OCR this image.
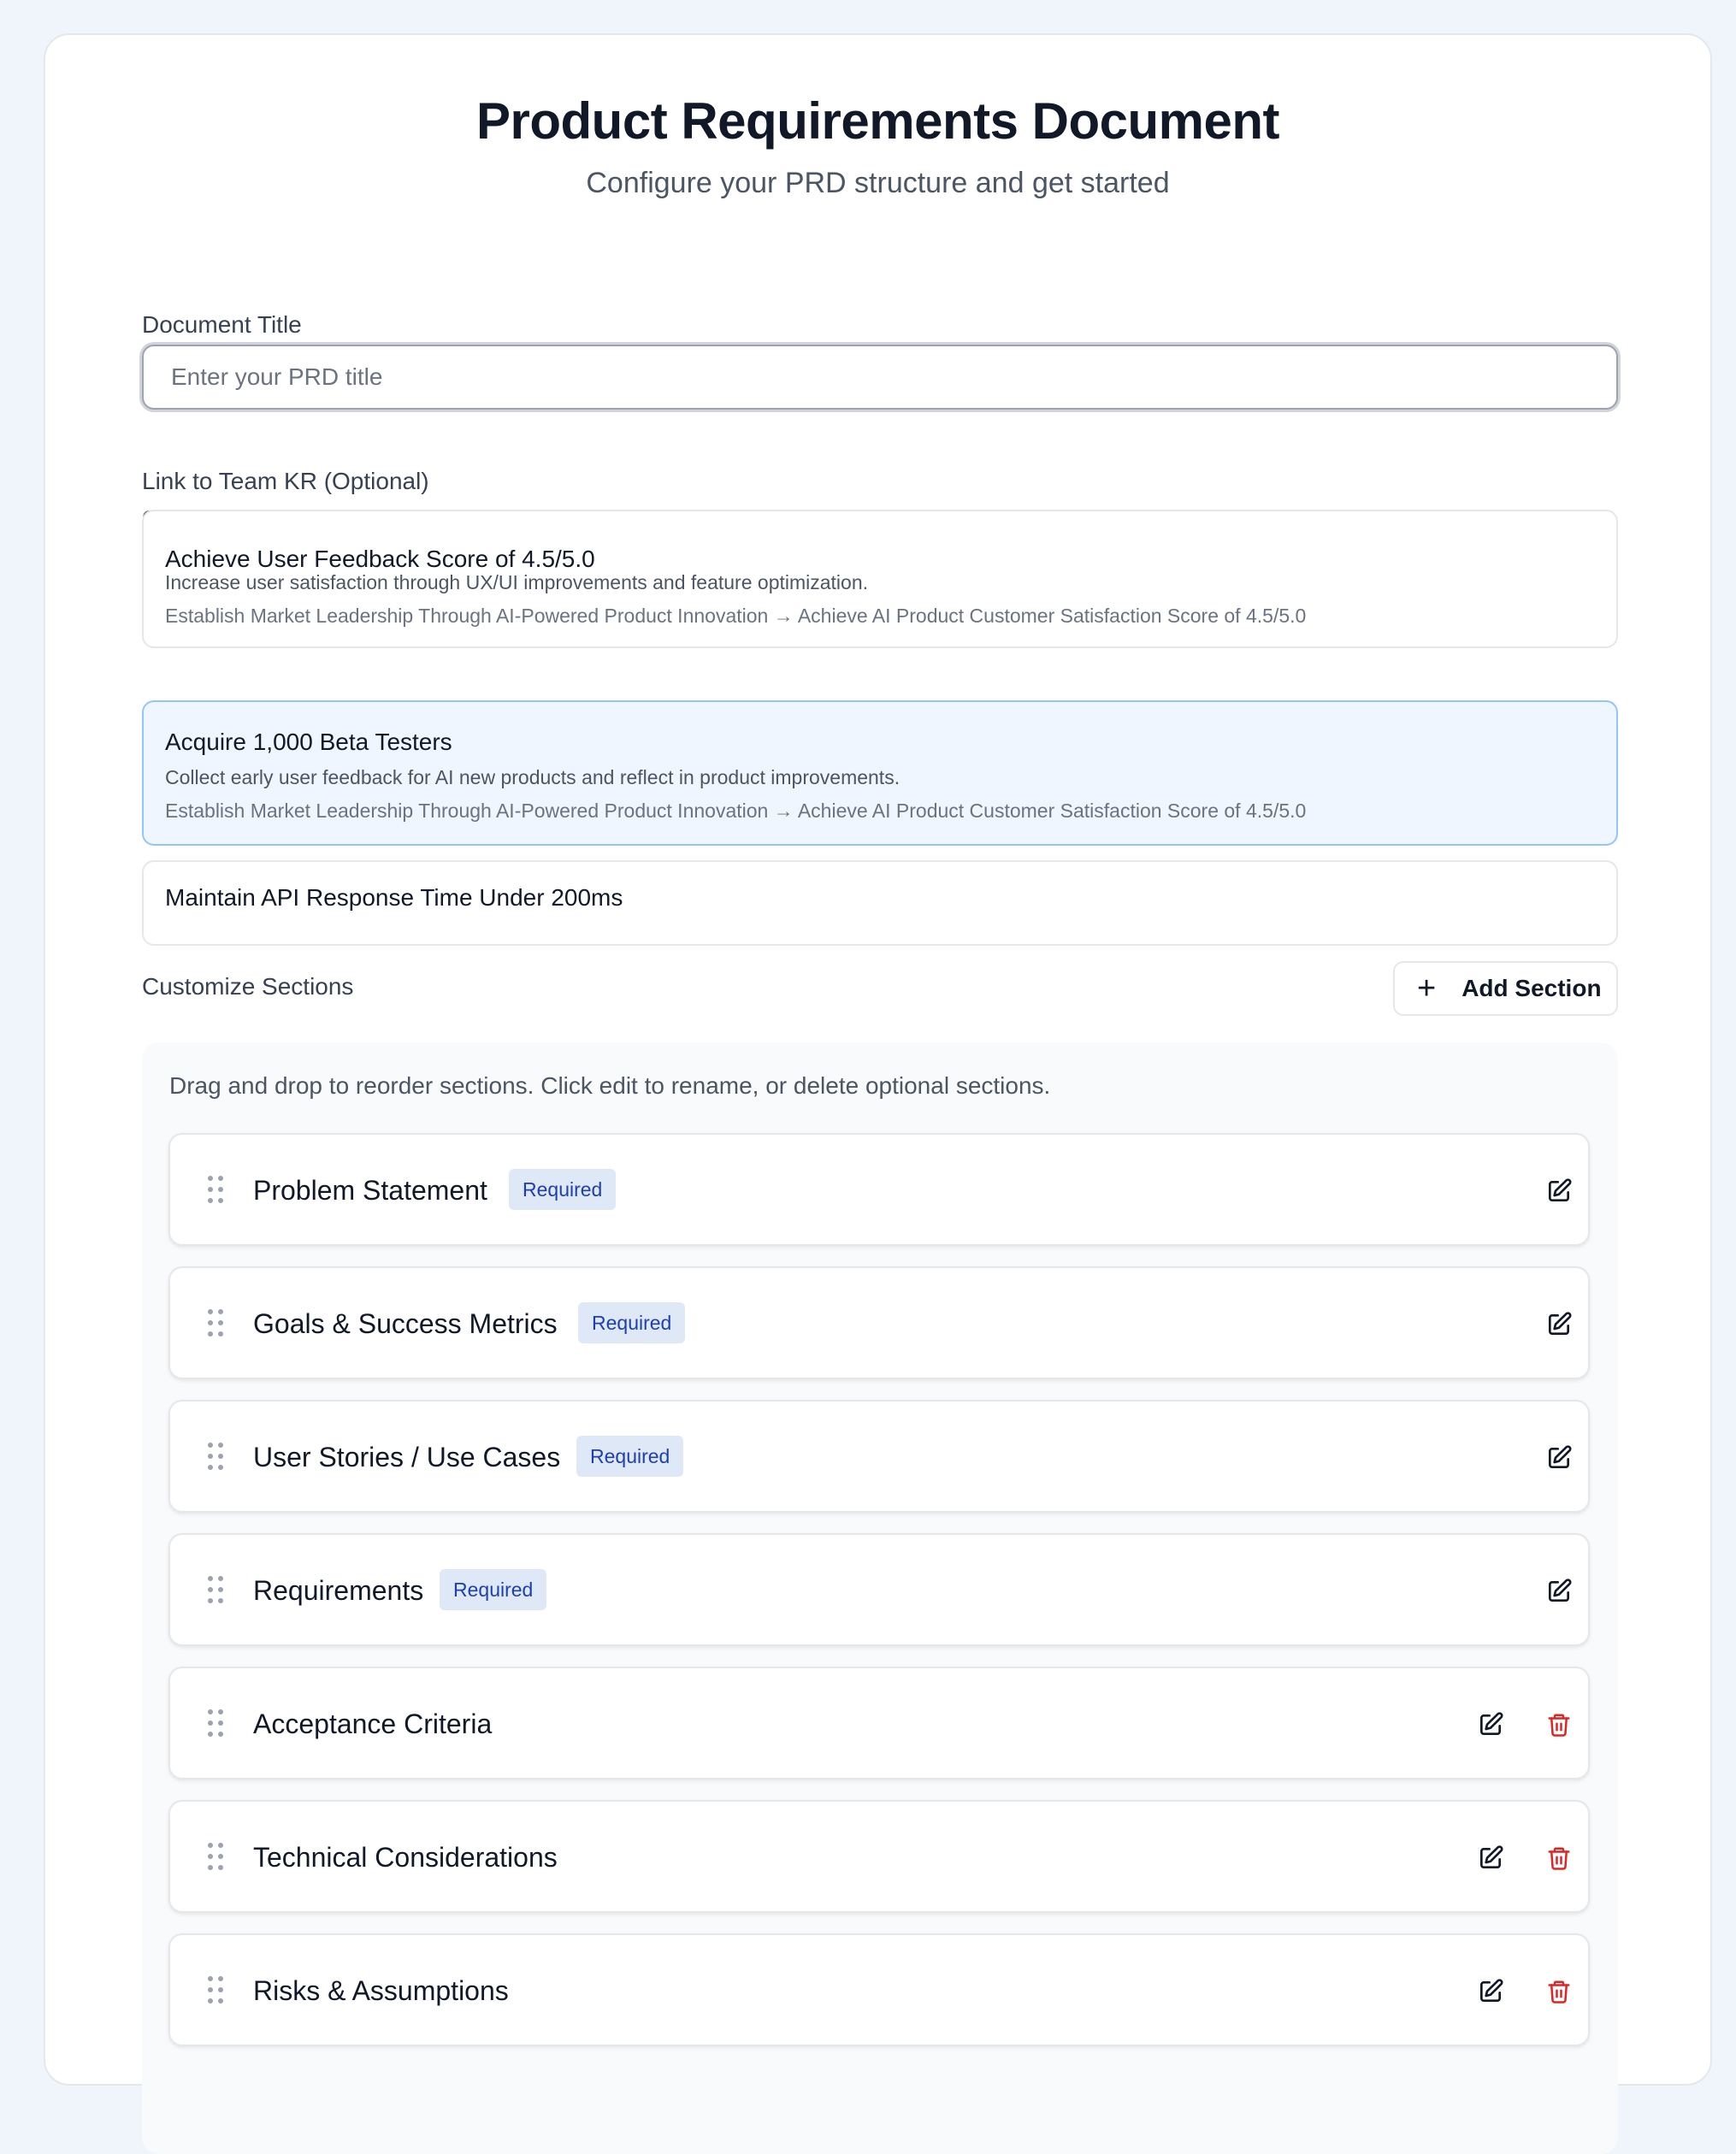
Product Requirements Document
Configure your PRD structure and get started
Document Title
Enter your PRD title
Link to Team KR (Optional)
Achieve User Feedback Score of 4.5/5.0
Increase user satisfaction through UX/UI improvements and feature optimization.
Establish Market Leadership Through AI-Powered Product Innovation → Achieve AI Product Customer Satisfaction Score of 4.5/5.0
Acquire 1,000 Beta Testers
Collect early user feedback for AI new products and reflect in product improvements.
Establish Market Leadership Through AI-Powered Product Innovation → Achieve AI Product Customer Satisfaction Score of 4.5/5.0
Maintain API Response Time Under 200ms
Customize Sections	+ Add Section
Drag and drop to reorder sections. Click edit to rename, or delete optional sections.
Problem Statement	Required
Goals & Success Metrics	Required
User Stories / Use Cases	Required
Requirements	Required
Acceptance Criteria
Technical Considerations
Risks & Assumptions
